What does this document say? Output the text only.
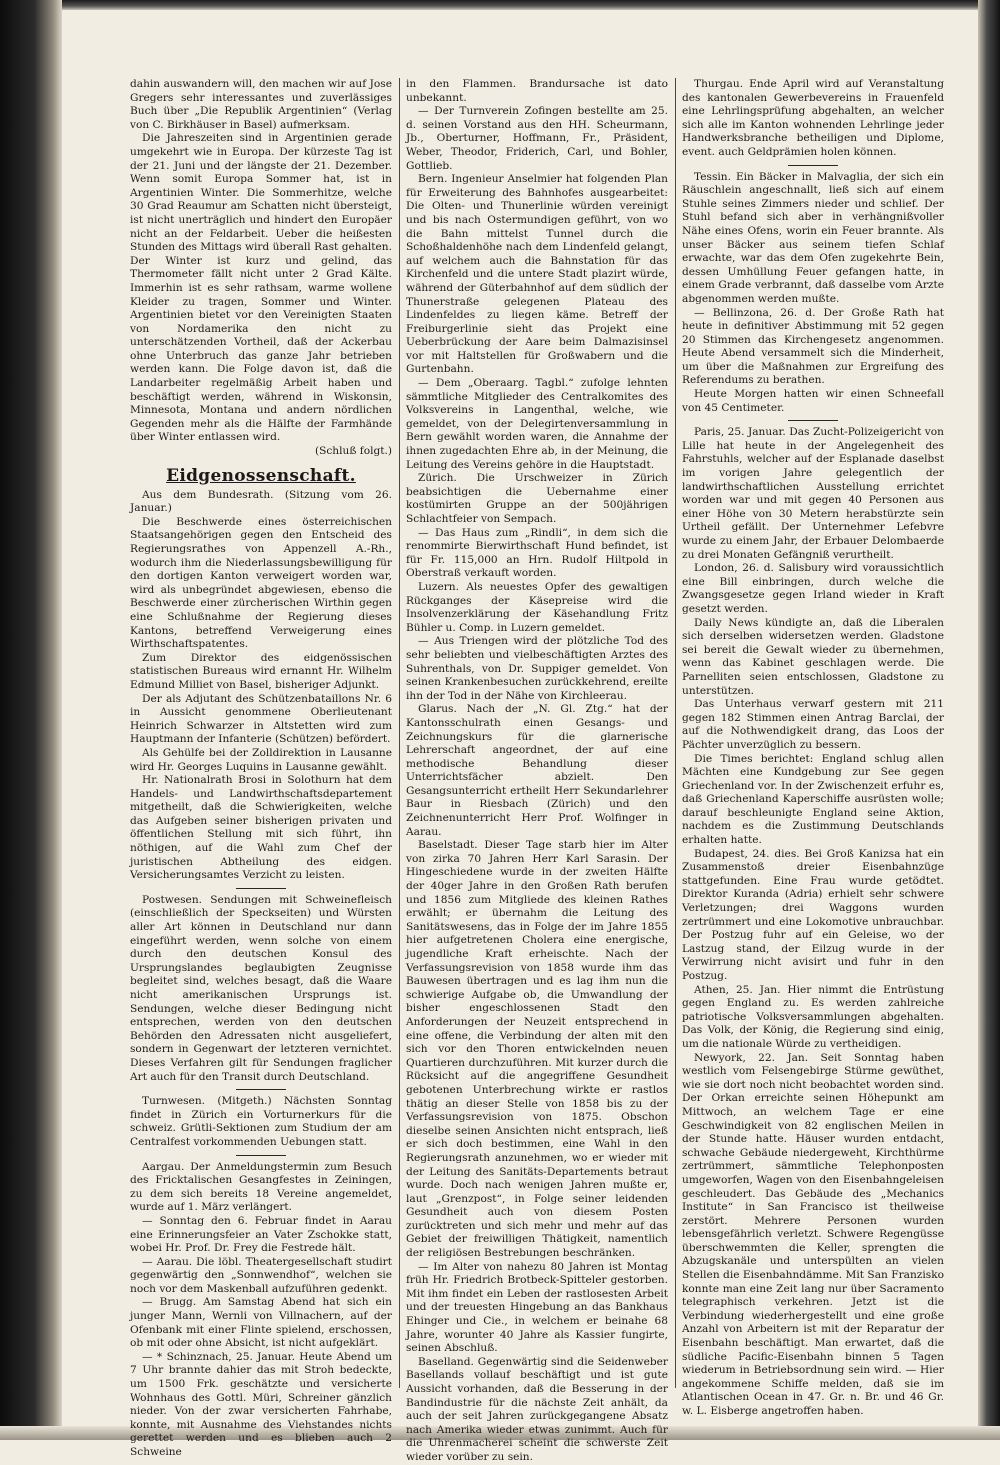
dahin auswandern will, den machen wir auf Jose Gregers sehr interessantes und zuverlässiges Buch über „Die Republik Argentinien“ (Verlag von C. Birkhäuser in Basel) aufmerksam.

Die Jahreszeiten sind in Argentinien gerade umgekehrt wie in Europa. Der kürzeste Tag ist der 21. Juni und der längste der 21. Dezember. Wenn somit Europa Sommer hat, ist in Argentinien Winter. Die Sommerhitze, welche 30 Grad Reaumur am Schatten nicht übersteigt, ist nicht unerträglich und hindert den Europäer nicht an der Feldarbeit. Ueber die heißesten Stunden des Mittags wird überall Rast gehalten. Der Winter ist kurz und gelind, das Thermometer fällt nicht unter 2 Grad Kälte. Immerhin ist es sehr rathsam, warme wollene Kleider zu tragen, Sommer und Winter. Argentinien bietet vor den Vereinigten Staaten von Nordamerika den nicht zu unterschätzenden Vortheil, daß der Ackerbau ohne Unterbruch das ganze Jahr betrieben werden kann. Die Folge davon ist, daß die Landarbeiter regelmäßig Arbeit haben und beschäftigt werden, während in Wiskonsin, Minnesota, Montana und andern nördlichen Gegenden mehr als die Hälfte der Farmhände über Winter entlassen wird.

(Schluß folgt.)

Eidgenossenschaft.

Aus dem Bundesrath. (Sitzung vom 26. Januar.)

Die Beschwerde eines österreichischen Staatsangehörigen gegen den Entscheid des Regierungsrathes von Appenzell A.-Rh., wodurch ihm die Niederlassungsbewilligung für den dortigen Kanton verweigert worden war, wird als unbegründet abgewiesen, ebenso die Beschwerde einer zürcherischen Wirthin gegen eine Schlußnahme der Regierung dieses Kantons, betreffend Verweigerung eines Wirthschaftspatentes.

Zum Direktor des eidgenössischen statistischen Bureaus wird ernannt Hr. Wilhelm Edmund Milliet von Basel, bisheriger Adjunkt.

Der als Adjutant des Schützenbataillons Nr. 6 in Aussicht genommene Oberlieutenant Heinrich Schwarzer in Altstetten wird zum Hauptmann der Infanterie (Schützen) befördert.

Als Gehülfe bei der Zolldirektion in Lausanne wird Hr. Georges Luquins in Lausanne gewählt.

Hr. Nationalrath Brosi in Solothurn hat dem Handels- und Landwirthschaftsdepartement mitgetheilt, daß die Schwierigkeiten, welche das Aufgeben seiner bisherigen privaten und öffentlichen Stellung mit sich führt, ihn nöthigen, auf die Wahl zum Chef der juristischen Abtheilung des eidgen. Versicherungsamtes Verzicht zu leisten.

Postwesen. Sendungen mit Schweinefleisch (einschließlich der Speckseiten) und Würsten aller Art können in Deutschland nur dann eingeführt werden, wenn solche von einem durch den deutschen Konsul des Ursprungslandes beglaubigten Zeugnisse begleitet sind, welches besagt, daß die Waare nicht amerikanischen Ursprungs ist. Sendungen, welche dieser Bedingung nicht entsprechen, werden von den deutschen Behörden den Adressaten nicht ausgeliefert, sondern in Gegenwart der letzteren vernichtet. Dieses Verfahren gilt für Sendungen fraglicher Art auch für den Transit durch Deutschland.

Turnwesen. (Mitgeth.) Nächsten Sonntag findet in Zürich ein Vorturnerkurs für die schweiz. Grütli-Sektionen zum Studium der am Centralfest vorkommenden Uebungen statt.

Aargau. Der Anmeldungstermin zum Besuch des Fricktalischen Gesangfestes in Zeiningen, zu dem sich bereits 18 Vereine angemeldet, wurde auf 1. März verlängert.

— Sonntag den 6. Februar findet in Aarau eine Erinnerungsfeier an Vater Zschokke statt, wobei Hr. Prof. Dr. Frey die Festrede hält.

— Aarau. Die löbl. Theatergesellschaft studirt gegenwärtig den „Sonnwendhof“, welchen sie noch vor dem Maskenball aufzuführen gedenkt.

— Brugg. Am Samstag Abend hat sich ein junger Mann, Wernli von Villnachern, auf der Ofenbank mit einer Flinte spielend, erschossen, ob mit oder ohne Absicht, ist nicht aufgeklärt.

— * Schinznach, 25. Januar. Heute Abend um 7 Uhr brannte dahier das mit Stroh bedeckte, um 1500 Frk. geschätzte und versicherte Wohnhaus des Gottl. Müri, Schreiner gänzlich nieder. Von der zwar versicherten Fahrhabe, konnte, mit Ausnahme des Viehstandes nichts gerettet werden und es blieben auch 2 Schweine

in den Flammen. Brandursache ist dato unbekannt.

— Der Turnverein Zofingen bestellte am 25. d. seinen Vorstand aus den HH. Scheurmann, Jb., Oberturner, Hoffmann, Fr., Präsident, Weber, Theodor, Friderich, Carl, und Bohler, Gottlieb.

Bern. Ingenieur Anselmier hat folgenden Plan für Erweiterung des Bahnhofes ausgearbeitet: Die Olten- und Thunerlinie würden vereinigt und bis nach Ostermundigen geführt, von wo die Bahn mittelst Tunnel durch die Schoßhaldenhöhe nach dem Lindenfeld gelangt, auf welchem auch die Bahnstation für das Kirchenfeld und die untere Stadt plazirt würde, während der Güterbahnhof auf dem südlich der Thunerstraße gelegenen Plateau des Lindenfeldes zu liegen käme. Betreff der Freiburgerlinie sieht das Projekt eine Ueberbrückung der Aare beim Dalmazisinsel vor mit Haltstellen für Großwabern und die Gurtenbahn.

— Dem „Oberaarg. Tagbl.“ zufolge lehnten sämmtliche Mitglieder des Centralkomites des Volksvereins in Langenthal, welche, wie gemeldet, von der Delegirtenversammlung in Bern gewählt worden waren, die Annahme der ihnen zugedachten Ehre ab, in der Meinung, die Leitung des Vereins gehöre in die Hauptstadt.

Zürich. Die Urschweizer in Zürich beabsichtigen die Uebernahme einer kostümirten Gruppe an der 500jährigen Schlachtfeier von Sempach.

— Das Haus zum „Rindli“, in dem sich die renommirte Bierwirthschaft Hund befindet, ist für Fr. 115,000 an Hrn. Rudolf Hiltpold in Oberstraß verkauft worden.

Luzern. Als neuestes Opfer des gewaltigen Rückganges der Käsepreise wird die Insolvenzerklärung der Käsehandlung Fritz Bühler u. Comp. in Luzern gemeldet.

— Aus Triengen wird der plötzliche Tod des sehr beliebten und vielbeschäftigten Arztes des Suhrenthals, von Dr. Suppiger gemeldet. Von seinen Krankenbesuchen zurückkehrend, ereilte ihn der Tod in der Nähe von Kirchleerau.

Glarus. Nach der „N. Gl. Ztg.“ hat der Kantonsschulrath einen Gesangs- und Zeichnungskurs für die glarnerische Lehrerschaft angeordnet, der auf eine methodische Behandlung dieser Unterrichtsfächer abzielt. Den Gesangsunterricht ertheilt Herr Sekundarlehrer Baur in Riesbach (Zürich) und den Zeichnenunterricht Herr Prof. Wolfinger in Aarau.

Baselstadt. Dieser Tage starb hier im Alter von zirka 70 Jahren Herr Karl Sarasin. Der Hingeschiedene wurde in der zweiten Hälfte der 40ger Jahre in den Großen Rath berufen und 1856 zum Mitgliede des kleinen Rathes erwählt; er übernahm die Leitung des Sanitätswesens, das in Folge der im Jahre 1855 hier aufgetretenen Cholera eine energische, jugendliche Kraft erheischte. Nach der Verfassungsrevision von 1858 wurde ihm das Bauwesen übertragen und es lag ihm nun die schwierige Aufgabe ob, die Umwandlung der bisher engeschlossenen Stadt den Anforderungen der Neuzeit entsprechend in eine offene, die Verbindung der alten mit den sich vor den Thoren entwickelnden neuen Quartieren durchzuführen. Mit kurzer durch die Rücksicht auf die angegriffene Gesundheit gebotenen Unterbrechung wirkte er rastlos thätig an dieser Stelle von 1858 bis zu der Verfassungsrevision von 1875. Obschon dieselbe seinen Ansichten nicht entsprach, ließ er sich doch bestimmen, eine Wahl in den Regierungsrath anzunehmen, wo er wieder mit der Leitung des Sanitäts-Departements betraut wurde. Doch nach wenigen Jahren mußte er, laut „Grenzpost“, in Folge seiner leidenden Gesundheit auch von diesem Posten zurücktreten und sich mehr und mehr auf das Gebiet der freiwilligen Thätigkeit, namentlich der religiösen Bestrebungen beschränken.

— Im Alter von nahezu 80 Jahren ist Montag früh Hr. Friedrich Brotbeck-Spitteler gestorben. Mit ihm findet ein Leben der rastlosesten Arbeit und der treuesten Hingebung an das Bankhaus Ehinger und Cie., in welchem er beinahe 68 Jahre, worunter 40 Jahre als Kassier fungirte, seinen Abschluß.

Baselland. Gegenwärtig sind die Seidenweber Basellands vollauf beschäftigt und ist gute Aussicht vorhanden, daß die Besserung in der Bandindustrie für die nächste Zeit anhält, da auch der seit Jahren zurückgegangene Absatz nach Amerika wieder etwas zunimmt. Auch für die Uhrenmacherei scheint die schwerste Zeit wieder vorüber zu sein.

Thurgau. Ende April wird auf Veranstaltung des kantonalen Gewerbevereins in Frauenfeld eine Lehrlingsprüfung abgehalten, an welcher sich alle im Kanton wohnenden Lehrlinge jeder Handwerksbranche betheiligen und Diplome, event. auch Geldprämien holen können.

Tessin. Ein Bäcker in Malvaglia, der sich ein Räuschlein angeschnallt, ließ sich auf einem Stuhle seines Zimmers nieder und schlief. Der Stuhl befand sich aber in verhängnißvoller Nähe eines Ofens, worin ein Feuer brannte. Als unser Bäcker aus seinem tiefen Schlaf erwachte, war das dem Ofen zugekehrte Bein, dessen Umhüllung Feuer gefangen hatte, in einem Grade verbrannt, daß dasselbe vom Arzte abgenommen werden mußte.

— Bellinzona, 26. d. Der Große Rath hat heute in definitiver Abstimmung mit 52 gegen 20 Stimmen das Kirchengesetz angenommen. Heute Abend versammelt sich die Minderheit, um über die Maßnahmen zur Ergreifung des Referendums zu berathen.

Heute Morgen hatten wir einen Schneefall von 45 Centimeter.

Paris, 25. Januar. Das Zucht-Polizeigericht von Lille hat heute in der Angelegenheit des Fahrstuhls, welcher auf der Esplanade daselbst im vorigen Jahre gelegentlich der landwirthschaftlichen Ausstellung errichtet worden war und mit gegen 40 Personen aus einer Höhe von 30 Metern herabstürzte sein Urtheil gefällt. Der Unternehmer Lefebvre wurde zu einem Jahr, der Erbauer Delombaerde zu drei Monaten Gefängniß verurtheilt.

London, 26. d. Salisbury wird voraussichtlich eine Bill einbringen, durch welche die Zwangsgesetze gegen Irland wieder in Kraft gesetzt werden.

Daily News kündigte an, daß die Liberalen sich derselben widersetzen werden. Gladstone sei bereit die Gewalt wieder zu übernehmen, wenn das Kabinet geschlagen werde. Die Parnelliten seien entschlossen, Gladstone zu unterstützen.

Das Unterhaus verwarf gestern mit 211 gegen 182 Stimmen einen Antrag Barclai, der auf die Nothwendigkeit drang, das Loos der Pächter unverzüglich zu bessern.

Die Times berichtet: England schlug allen Mächten eine Kundgebung zur See gegen Griechenland vor. In der Zwischenzeit erfuhr es, daß Griechenland Kaperschiffe ausrüsten wolle; darauf beschleunigte England seine Aktion, nachdem es die Zustimmung Deutschlands erhalten hatte.

Budapest, 24. dies. Bei Groß Kanizsa hat ein Zusammenstoß dreier Eisenbahnzüge stattgefunden. Eine Frau wurde getödtet. Direktor Kuranda (Adria) erhielt sehr schwere Verletzungen; drei Waggons wurden zertrümmert und eine Lokomotive unbrauchbar. Der Postzug fuhr auf ein Geleise, wo der Lastzug stand, der Eilzug wurde in der Verwirrung nicht avisirt und fuhr in den Postzug.

Athen, 25. Jan. Hier nimmt die Entrüstung gegen England zu. Es werden zahlreiche patriotische Volksversammlungen abgehalten. Das Volk, der König, die Regierung sind einig, um die nationale Würde zu vertheidigen.

Newyork, 22. Jan. Seit Sonntag haben westlich vom Felsengebirge Stürme gewüthet, wie sie dort noch nicht beobachtet worden sind. Der Orkan erreichte seinen Höhepunkt am Mittwoch, an welchem Tage er eine Geschwindigkeit von 82 englischen Meilen in der Stunde hatte. Häuser wurden entdacht, schwache Gebäude niedergeweht, Kirchthürme zertrümmert, sämmtliche Telephonposten umgeworfen, Wagen von den Eisenbahngeleisen geschleudert. Das Gebäude des „Mechanics Institute“ in San Francisco ist theilweise zerstört. Mehrere Personen wurden lebensgefährlich verletzt. Schwere Regengüsse überschwemmten die Keller, sprengten die Abzugskanäle und unterspülten an vielen Stellen die Eisenbahndämme. Mit San Franzisko konnte man eine Zeit lang nur über Sacramento telegraphisch verkehren. Jetzt ist die Verbindung wiederhergestellt und eine große Anzahl von Arbeitern ist mit der Reparatur der Eisenbahn beschäftigt. Man erwartet, daß die südliche Pacific-Eisenbahn binnen 5 Tagen wiederum in Betriebsordnung sein wird. — Hier angekommene Schiffe melden, daß sie im Atlantischen Ocean in 47. Gr. n. Br. und 46 Gr. w. L. Eisberge angetroffen haben.
